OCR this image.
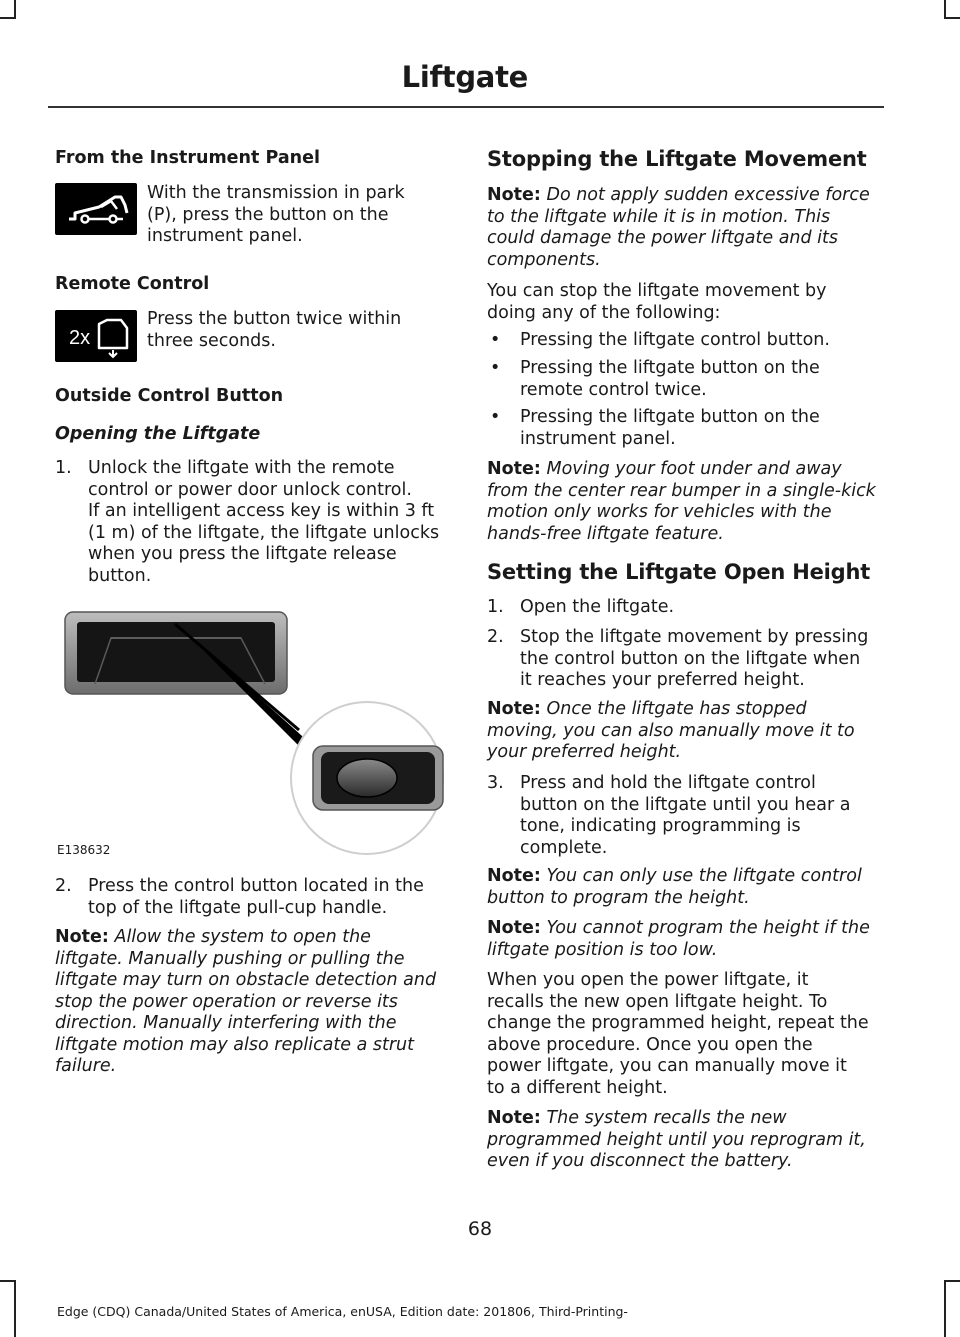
Liftgate
From the Instrument Panel
With the transmission in park
(P), press the button on the
instrument panel.
Remote Control
2x
Press the button twice within
three seconds.
Outside Control Button
Opening the Liftgate
1. Unlock the liftgate with the remote
control or power door unlock control.
If an intelligent access key is within 3 ft
(1 m) of the liftgate, the liftgate unlocks
when you press the liftgate release
button.
E138632
2. Press the control button located in the
top of the liftgate pull-cup handle.
Note: Allow the system to open the
liftgate. Manually pushing or pulling the
liftgate may turn on obstacle detection and
stop the power operation or reverse its
direction. Manually interfering with the
liftgate motion may also replicate a strut
failure.
Stopping the Liftgate Movement
Note: Do not apply sudden excessive force
to the liftgate while it is in motion. This
could damage the power liftgate and its
components.
You can stop the liftgate movement by
doing any of the following:
• Pressing the liftgate control button.
• Pressing the liftgate button on the
remote control twice.
• Pressing the liftgate button on the
instrument panel.
Note: Moving your foot under and away
from the center rear bumper in a single-kick
motion only works for vehicles with the
hands-free liftgate feature.
Setting the Liftgate Open Height
1. Open the liftgate.
2. Stop the liftgate movement by pressing
the control button on the liftgate when
it reaches your preferred height.
Note: Once the liftgate has stopped
moving, you can also manually move it to
your preferred height.
3. Press and hold the liftgate control
button on the liftgate until you hear a
tone, indicating programming is
complete.
Note: You can only use the liftgate control
button to program the height.
Note: You cannot program the height if the
liftgate position is too low.
When you open the power liftgate, it
recalls the new open liftgate height. To
change the programmed height, repeat the
above procedure. Once you open the
power liftgate, you can manually move it
to a different height.
Note: The system recalls the new
programmed height until you reprogram it,
even if you disconnect the battery.
68
Edge (CDQ) Canada/United States of America, enUSA, Edition date: 201806, Third-Printing-
